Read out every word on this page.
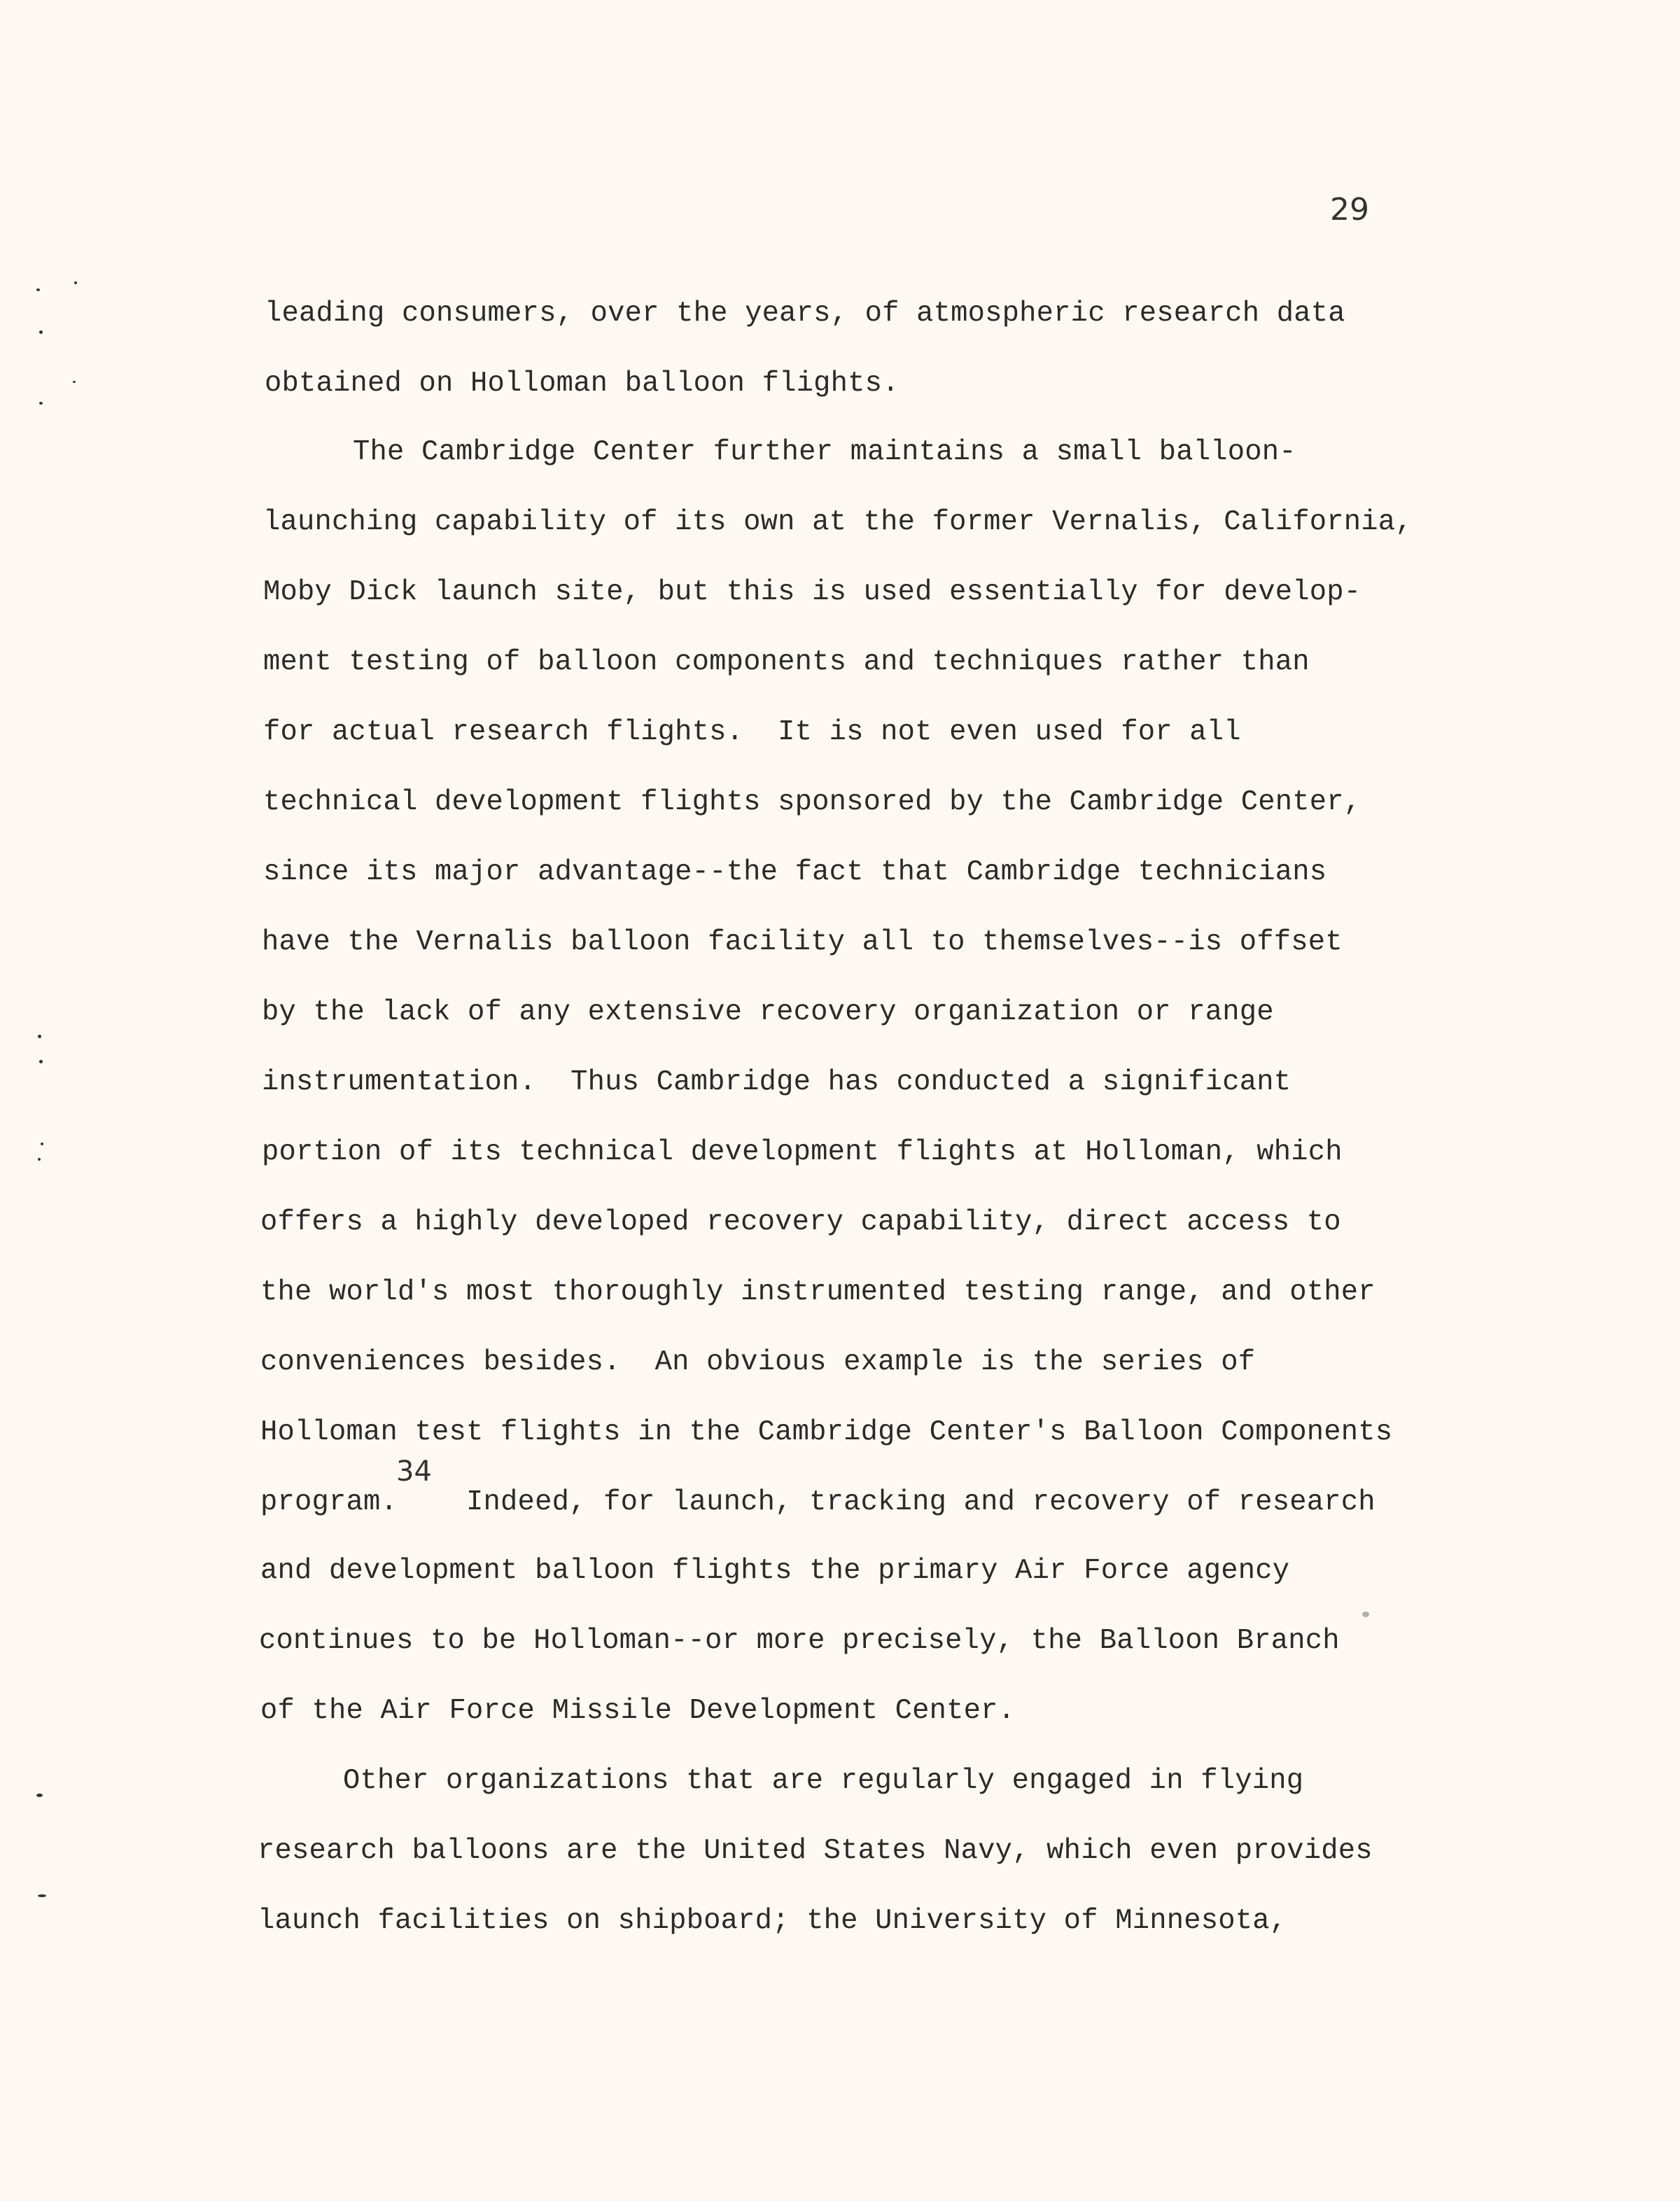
29
leading consumers, over the years, of atmospheric research data
obtained on Holloman balloon flights.
The Cambridge Center further maintains a small balloon-
launching capability of its own at the former Vernalis, California,
Moby Dick launch site, but this is used essentially for develop-
ment testing of balloon components and techniques rather than
for actual research flights.  It is not even used for all
technical development flights sponsored by the Cambridge Center,
since its major advantage--the fact that Cambridge technicians
have the Vernalis balloon facility all to themselves--is offset
by the lack of any extensive recovery organization or range
instrumentation.  Thus Cambridge has conducted a significant
portion of its technical development flights at Holloman, which
offers a highly developed recovery capability, direct access to
the world's most thoroughly instrumented testing range, and other
conveniences besides.  An obvious example is the series of
Holloman test flights in the Cambridge Center's Balloon Components
program.    Indeed, for launch, tracking and recovery of research
34
and development balloon flights the primary Air Force agency
continues to be Holloman--or more precisely, the Balloon Branch
of the Air Force Missile Development Center.
Other organizations that are regularly engaged in flying
research balloons are the United States Navy, which even provides
launch facilities on shipboard; the University of Minnesota,
